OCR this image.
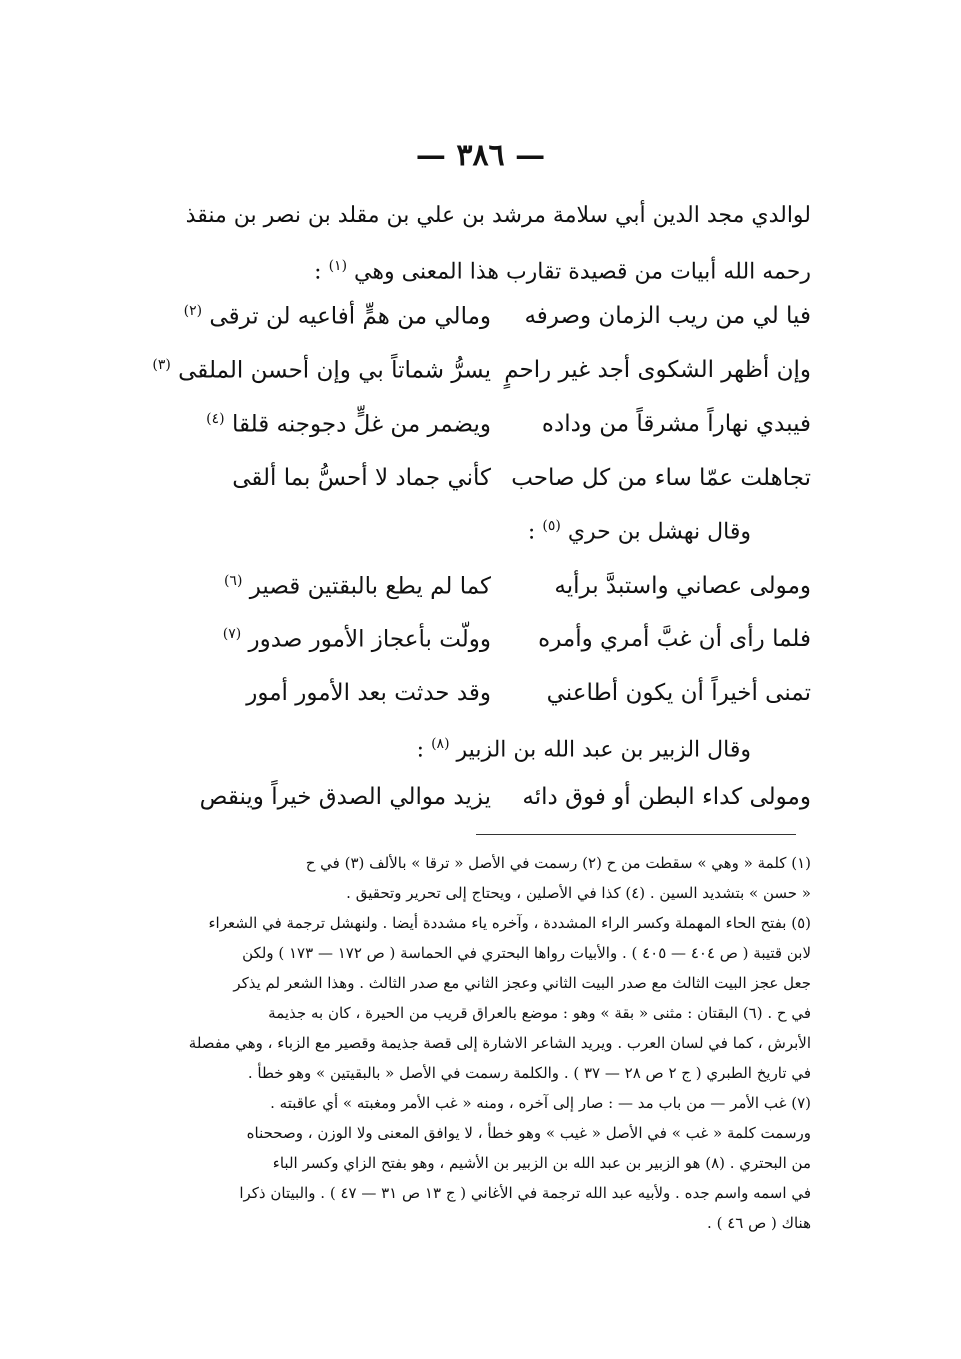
— ٣٨٦ —
لوالدي مجد الدين أبي سلامة مرشد بن علي بن مقلد بن نصر بن منقذ
رحمه الله أبيات من قصيدة تقارب هذا المعنى وهي $^{(١)}$ :
فيا لي من ريب الزمان وصرفه
ومالي من همٍّ أفاعيه لن ترقى $^{(٢)}$
وإن أظهر الشكوى أجد غير راحمٍ
يسرُّ شماتاً بي وإن أحسن الملقى $^{(٣)}$
فيبدي نهاراً مشرقاً من وداده
ويضمر من غلٍّ دجوجنه قلقا $^{(٤)}$
تجاهلت عمّا ساء من كل صاحب
كأني جماد لا أحسُّ بما ألقى
وقال نهشل بن حري $^{(٥)}$ :
ومولى عصاني واستبدَّ برأيه
كما لم يطع بالبقتين قصير $^{(٦)}$
فلما رأى أن غبَّ أمري وأمره
وولّت بأعجاز الأمور صدور $^{(٧)}$
تمنى أخيراً أن يكون أطاعني
وقد حدثت بعد الأمور أمور
وقال الزبير بن عبد الله بن الزبير $^{(٨)}$ :
ومولى كداء البطن أو فوق دائه
يزيد موالي الصدق خيراً وينقص

(١) كلمة « وهي » سقطت من ح (٢) رسمت في الأصل « ترقا » بالألف (٣) في ح

« حسن » بتشديد السين . (٤) كذا في الأصلين ، ويحتاج إلى تحرير وتحقيق .

(٥) بفتح الحاء المهملة وكسر الراء المشددة ، وآخره ياء مشددة أيضا . ولنهشل ترجمة في الشعراء

لابن قتيبة ( ص ٤٠٤ — ٤٠٥ ) . والأبيات رواها البحتري في الحماسة ( ص ١٧٢ — ١٧٣ ) ولكن

جعل عجز البيت الثالث مع صدر البيت الثاني وعجز الثاني مع صدر الثالث . وهذا الشعر لم يذكر

في ح . (٦) البقتان : مثنى « بقة » وهو : موضع بالعراق قريب من الحيرة ، كان به جذيمة

الأبرش ، كما في لسان العرب . ويريد الشاعر الاشارة إلى قصة جذيمة وقصير مع الزباء ، وهي مفصلة

في تاريخ الطبري ( ج ٢ ص ٢٨ — ٣٧ ) . والكلمة رسمت في الأصل « بالبقيتين » وهو خطأ .

(٧) غب الأمر — من باب مد — : صار إلى آخره ، ومنه « غب الأمر ومغبته » أي عاقبته .

ورسمت كلمة « غب » في الأصل « غيب » وهو خطأ ، لا يوافق المعنى ولا الوزن ، وصححناه

من البحتري . (٨) هو الزبير بن عبد الله بن الزبير بن الأشيم ، وهو بفتح الزاي وكسر الباء

في اسمه واسم جده . ولأبيه عبد الله ترجمة في الأغاني ( ج ١٣ ص ٣١ — ٤٧ ) . والبيتان ذكرا

هناك ( ص ٤٦ ) .
